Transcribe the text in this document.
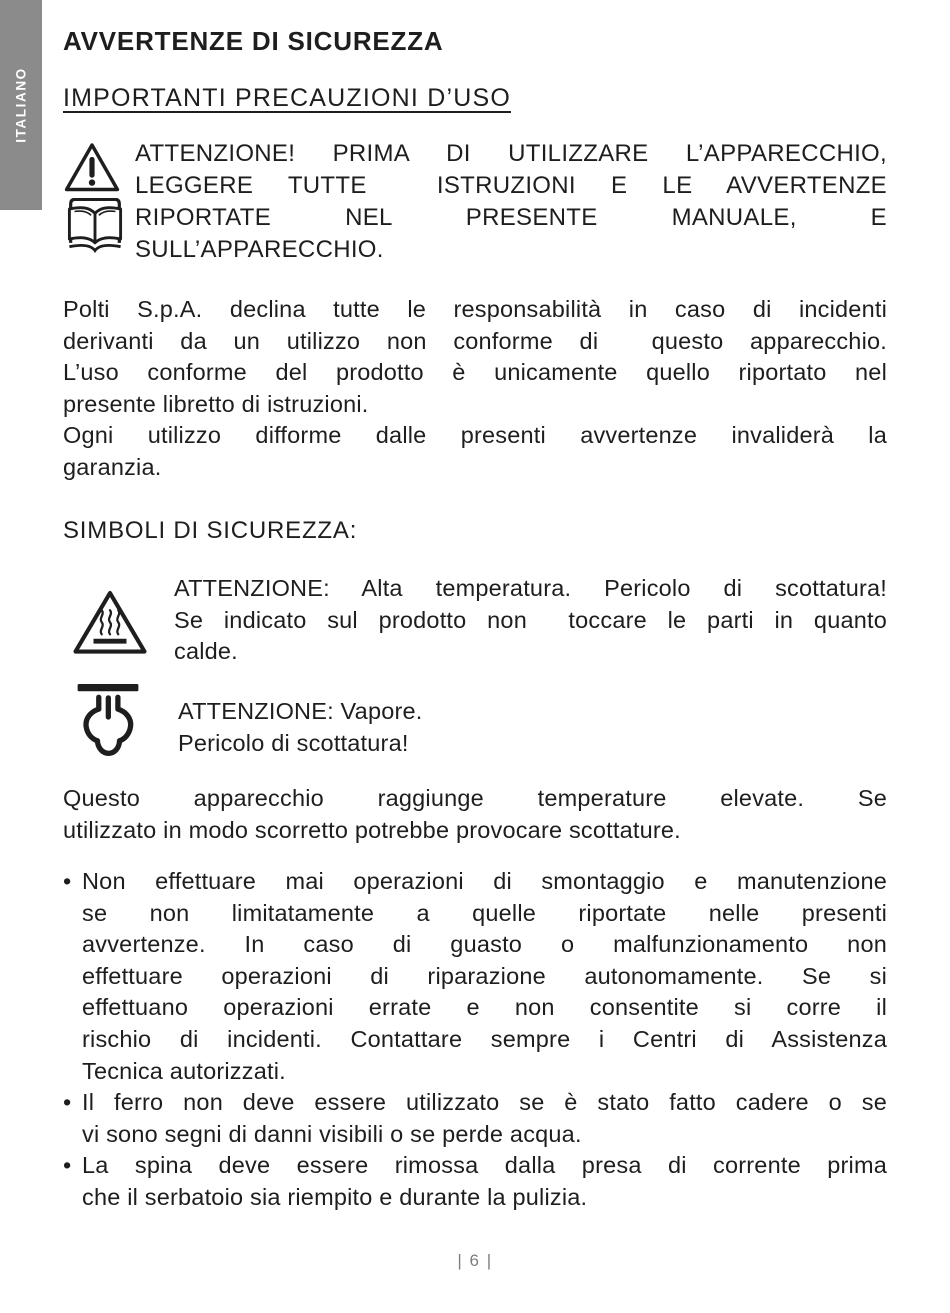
ITALIANO
AVVERTENZE DI SICUREZZA
IMPORTANTI PRECAUZIONI D’USO
ATTENZIONE! PRIMA DI UTILIZZARE L’APPARECCHIO,
LEGGERE TUTTE  ISTRUZIONI E LE AVVERTENZE
RIPORTATE NEL PRESENTE MANUALE, E
SULL’APPARECCHIO.
Polti S.p.A. declina tutte le responsabilità in caso di incidenti
derivanti da un utilizzo non conforme di  questo apparecchio.
L’uso conforme del prodotto è unicamente quello riportato nel
presente libretto di istruzioni.
Ogni utilizzo difforme dalle presenti avvertenze invaliderà la
garanzia.
SIMBOLI DI SICUREZZA:
ATTENZIONE: Alta temperatura. Pericolo di scottatura!
Se indicato sul prodotto non  toccare le parti in quanto
calde.
ATTENZIONE: Vapore.
Pericolo di scottatura!
Questo apparecchio raggiunge temperature elevate. Se
utilizzato in modo scorretto potrebbe provocare scottature.
• Non effettuare mai operazioni di smontaggio e manutenzione
se non limitatamente a quelle riportate nelle presenti
avvertenze. In caso di guasto o malfunzionamento non
effettuare operazioni di riparazione autonomamente. Se si
effettuano operazioni errate e non consentite si corre il
rischio di incidenti. Contattare sempre i Centri di Assistenza
Tecnica autorizzati.
• Il ferro non deve essere utilizzato se è stato fatto cadere o se
vi sono segni di danni visibili o se perde acqua.
• La spina deve essere rimossa dalla presa di corrente prima
che il serbatoio sia riempito e durante la pulizia.
| 6 |
